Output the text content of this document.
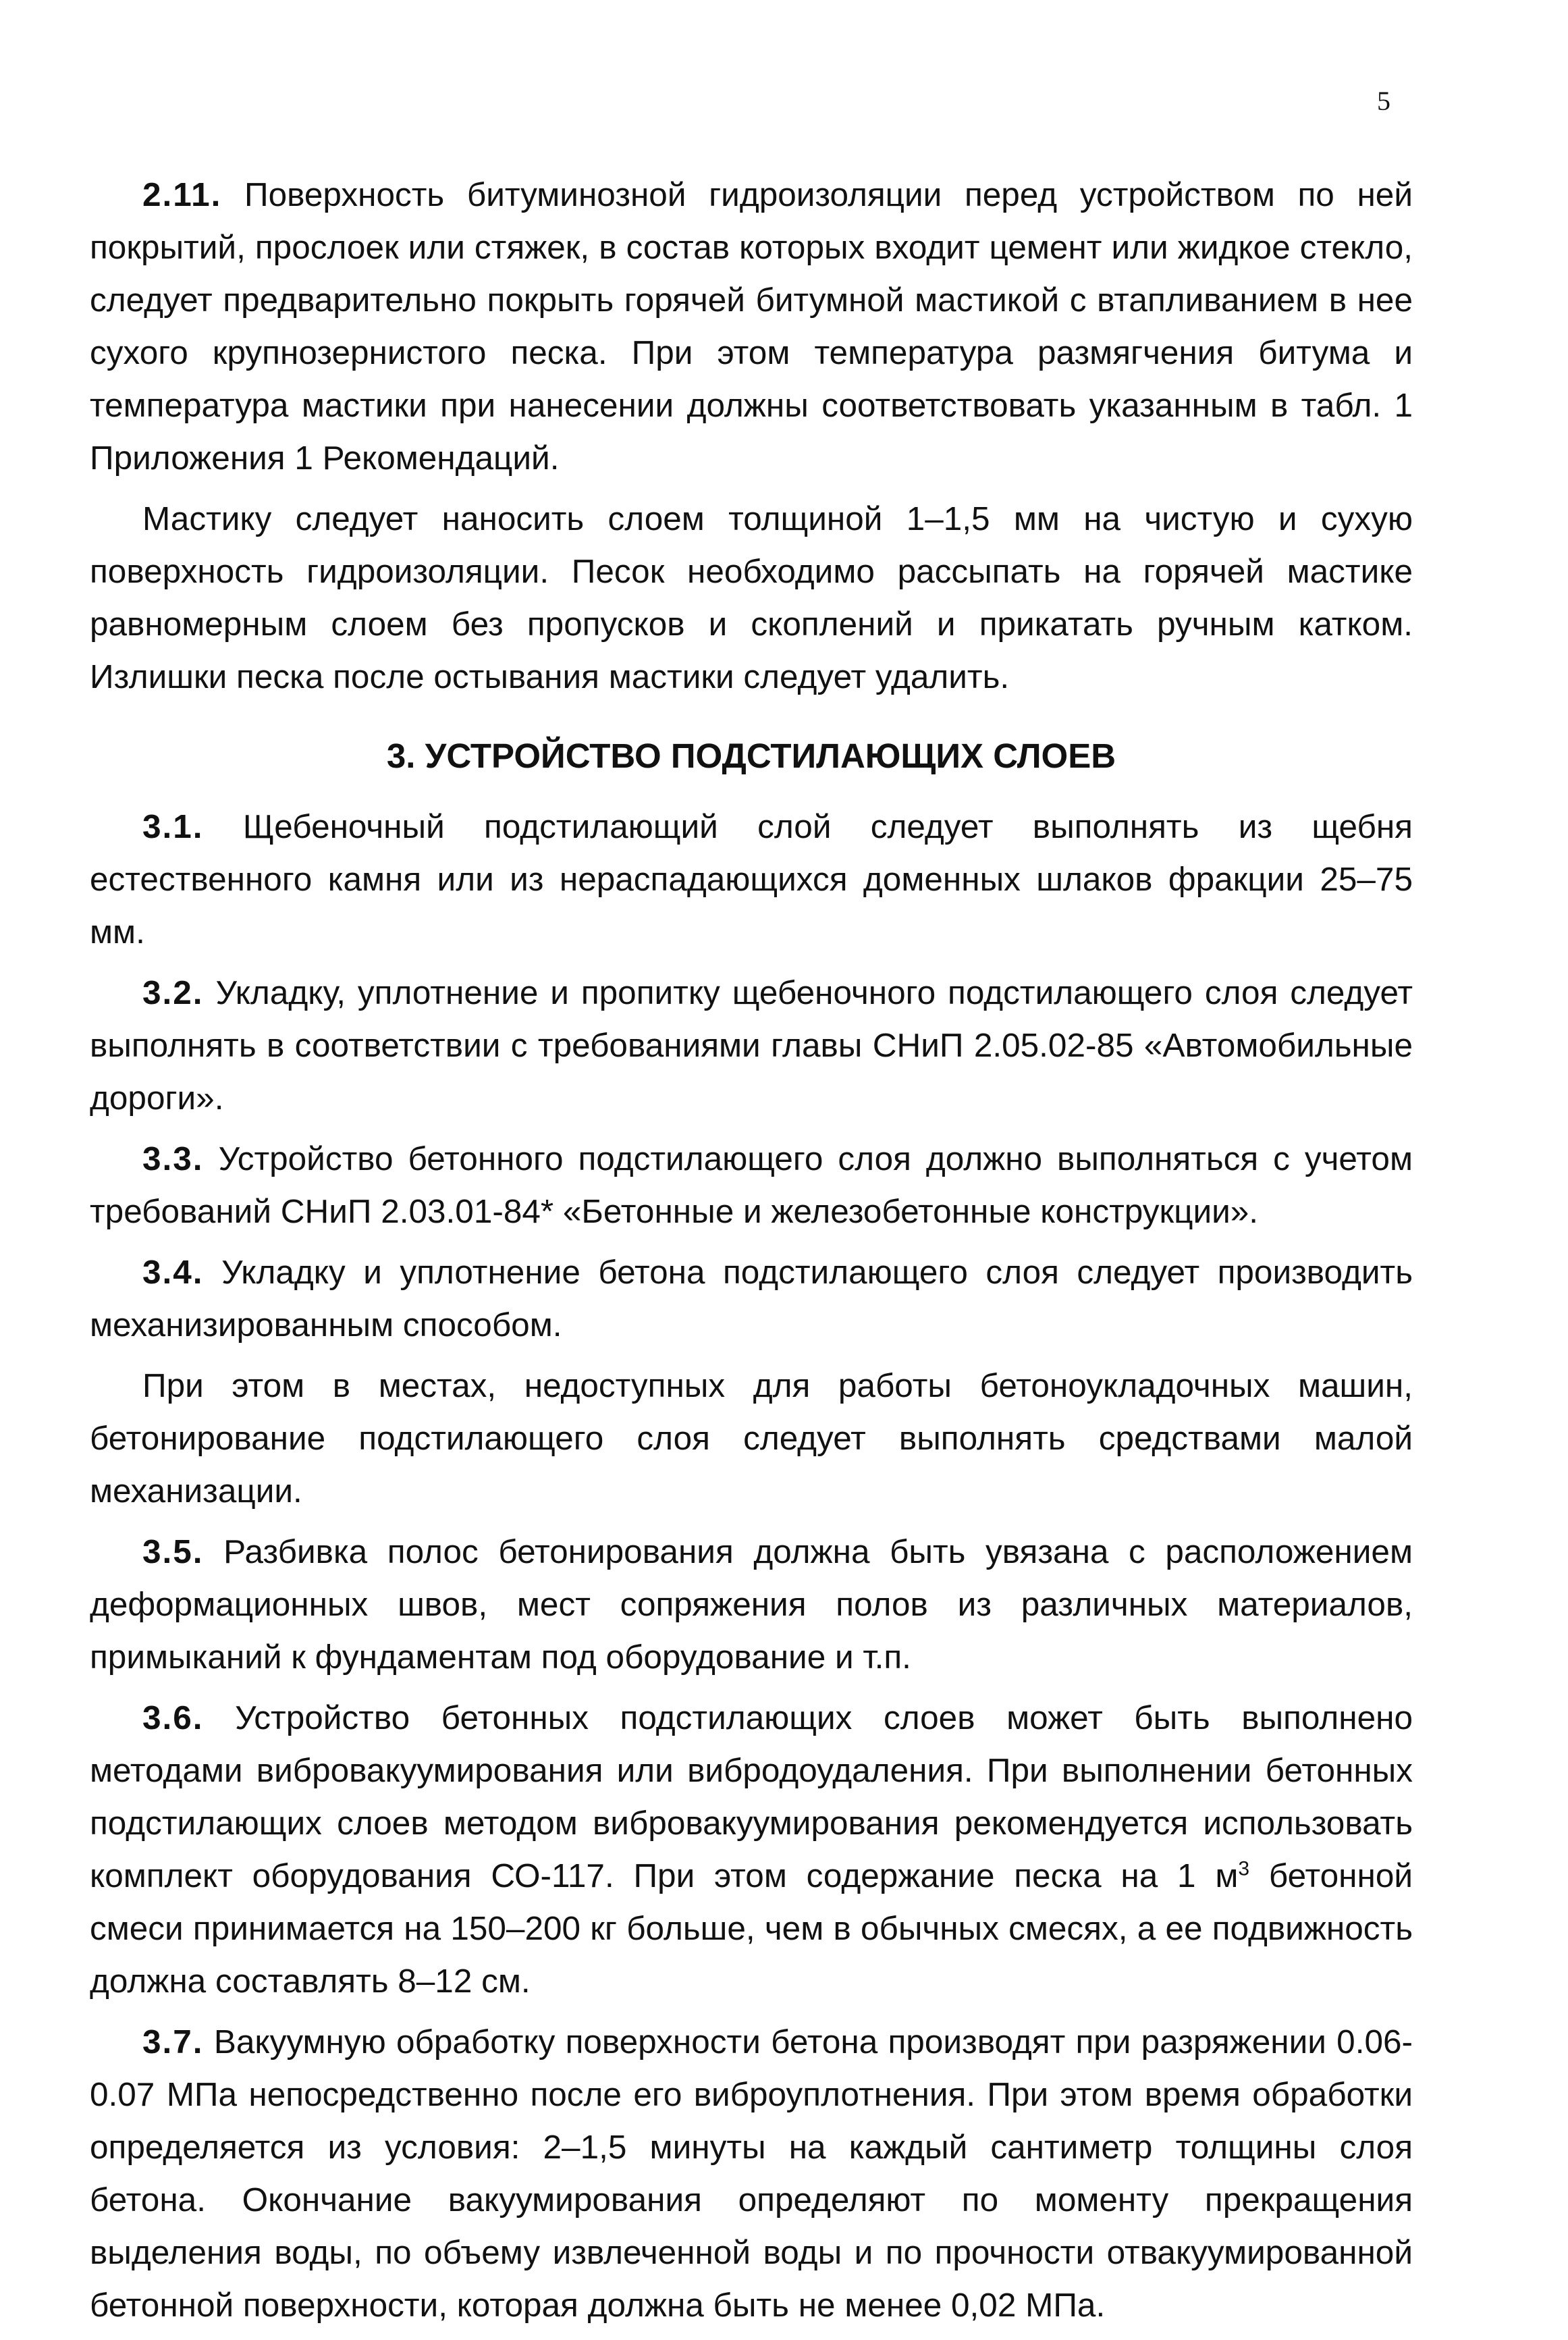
5

2.11. Поверхность битуминозной гидроизоляции перед устройством по ней покрытий, прослоек или стяжек, в состав которых входит цемент или жидкое стекло, следует предварительно покрыть горячей битумной мастикой с втапливанием в нее сухого крупнозернистого песка. При этом температура размягчения битума и температура мастики при нанесении должны соответствовать указанным в табл. 1 Приложения 1 Рекомендаций.

Мастику следует наносить слоем толщиной 1–1,5 мм на чистую и сухую поверхность гидроизоляции. Песок необходимо рассыпать на горячей мастике равномерным слоем без пропусков и скоплений и прикатать ручным катком. Излишки песка после остывания мастики следует удалить.

3. УСТРОЙСТВО ПОДСТИЛАЮЩИХ СЛОЕВ

3.1. Щебеночный подстилающий слой следует выполнять из щебня естественного камня или из нераспадающихся доменных шлаков фракции 25–75 мм.

3.2. Укладку, уплотнение и пропитку щебеночного подстилающего слоя следует выполнять в соответствии с требованиями главы СНиП 2.05.02-85 «Автомобильные дороги».

3.3. Устройство бетонного подстилающего слоя должно выполняться с учетом требований СНиП 2.03.01-84* «Бетонные и железобетонные конструкции».

3.4. Укладку и уплотнение бетона подстилающего слоя следует производить механизированным способом.

При этом в местах, недоступных для работы бетоноукладочных машин, бетонирование подстилающего слоя следует выполнять средствами малой механизации.

3.5. Разбивка полос бетонирования должна быть увязана с расположением деформационных швов, мест сопряжения полов из различных материалов, примыканий к фундаментам под оборудование и т.п.

3.6. Устройство бетонных подстилающих слоев может быть выполнено методами вибровакуумирования или вибродоудаления. При выполнении бетонных подстилающих слоев методом вибровакуумирования рекомендуется использовать комплект оборудования СО-117. При этом содержание песка на 1 $м^3$ бетонной смеси принимается на 150–200 кг больше, чем в обычных смесях, а ее подвижность должна составлять 8–12 см.

3.7. Вакуумную обработку поверхности бетона производят при разряжении 0.06-0.07 МПа непосредственно после его виброуплотнения. При этом время обработки определяется из условия: 2–1,5 минуты на каждый сантиметр толщины слоя бетона. Окончание вакуумирования определяют по моменту прекращения выделения воды, по объему извлеченной воды и по прочности отвакуумированной бетонной поверхности, которая должна быть не менее 0,02 МПа.
